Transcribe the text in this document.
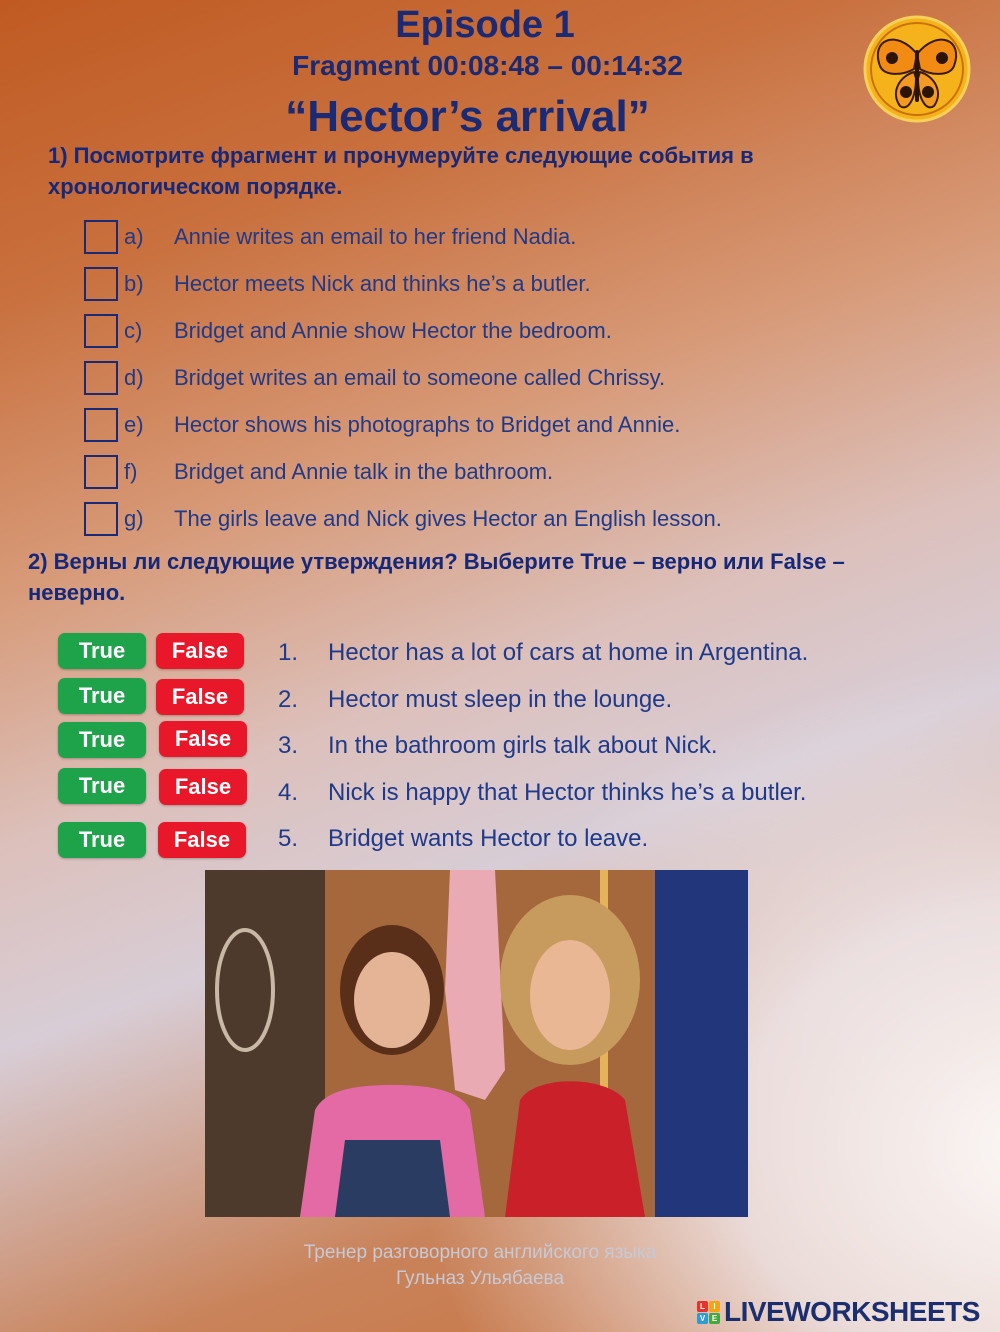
Episode 1
Fragment 00:08:48 – 00:14:32
“Hector’s arrival”
1) Посмотрите фрагмент и пронумеруйте следующие события в
хронологическом порядке.
a)	Annie writes an email to her friend Nadia.
b)	Hector meets Nick and thinks he’s a butler.
c)	Bridget and Annie show Hector the bedroom.
d)	Bridget writes an email to someone called Chrissy.
e)	Hector shows his photographs to Bridget and Annie.
f)	Bridget and Annie talk in the bathroom.
g)	The girls leave and Nick gives Hector an English lesson.
2) Верны ли следующие утверждения? Выберите True – верно или False –
неверно.
True	False	1.	Hector has a lot of cars at home in Argentina.
True	False	2.	Hector must sleep in the lounge.
True	False	3.	In the bathroom girls talk about Nick.
True	False	4.	Nick is happy that Hector thinks he’s a butler.
True	False	5.	Bridget wants Hector to leave.
Тренер разговорного английского языка
Гульназ Ульябаева
L	I
V E LIVEWORKSHEETS
